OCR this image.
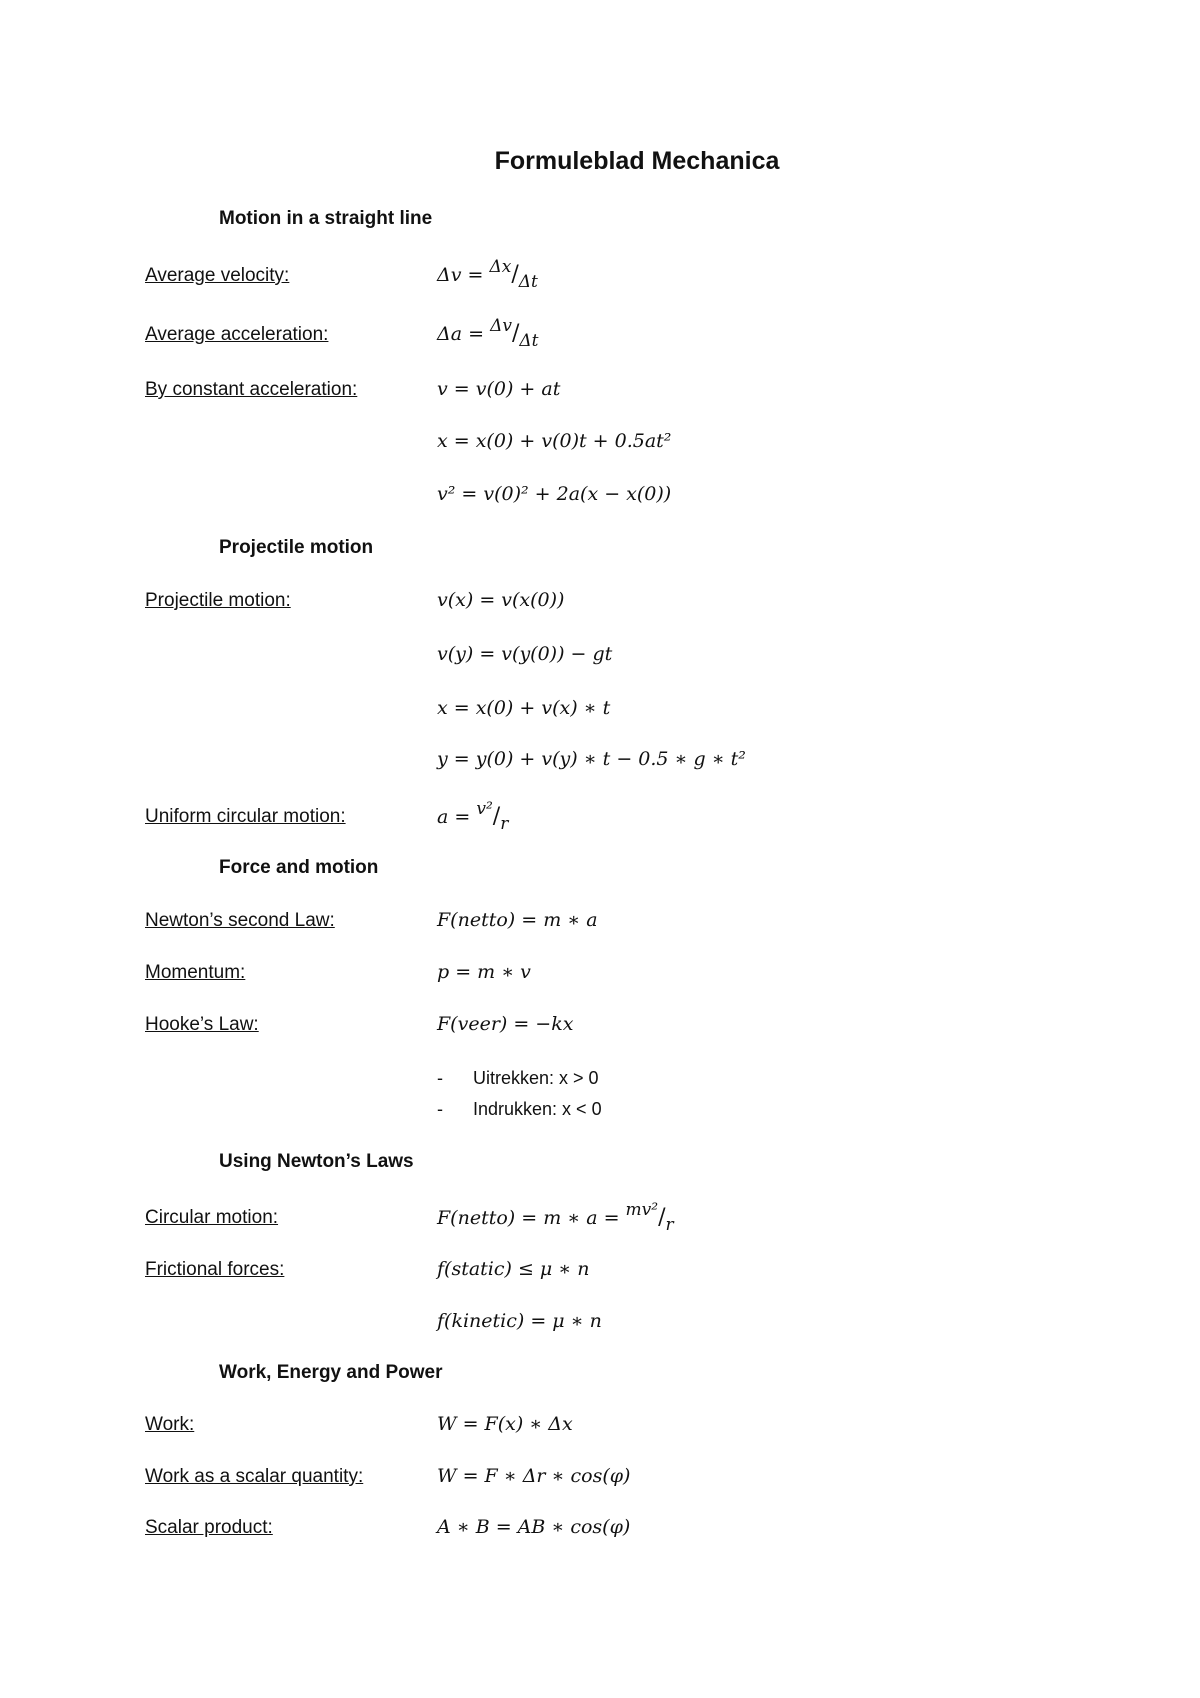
Formuleblad Mechanica
Motion in a straight line
Average velocity:	Δv = Δx/Δt
Average acceleration:	Δa = Δv/Δt
By constant acceleration:	v = v(0) + at
x = x(0) + v(0)t + 0.5at²
v² = v(0)² + 2a(x − x(0))
Projectile motion
Projectile motion:	v(x) = v(x(0))
v(y) = v(y(0)) − gt
x = x(0) + v(x) ∗ t
y = y(0) + v(y) ∗ t − 0.5 ∗ g ∗ t²
Uniform circular motion:	a = v²/r
Force and motion
Newton’s second Law:	F(netto) = m ∗ a
Momentum:	p = m ∗ v
Hooke’s Law:	F(veer) = −kx
- Uitrekken: x > 0
- Indrukken: x < 0
Using Newton’s Laws
Circular motion:	F(netto) = m ∗ a = mv²/r
Frictional forces:	f(static) ≤ μ ∗ n
f(kinetic) = μ ∗ n
Work, Energy and Power
Work:	W = F(x) ∗ Δx
Work as a scalar quantity:	W = F ∗ Δr ∗ cos(φ)
Scalar product:	A ∗ B = AB ∗ cos(φ)
